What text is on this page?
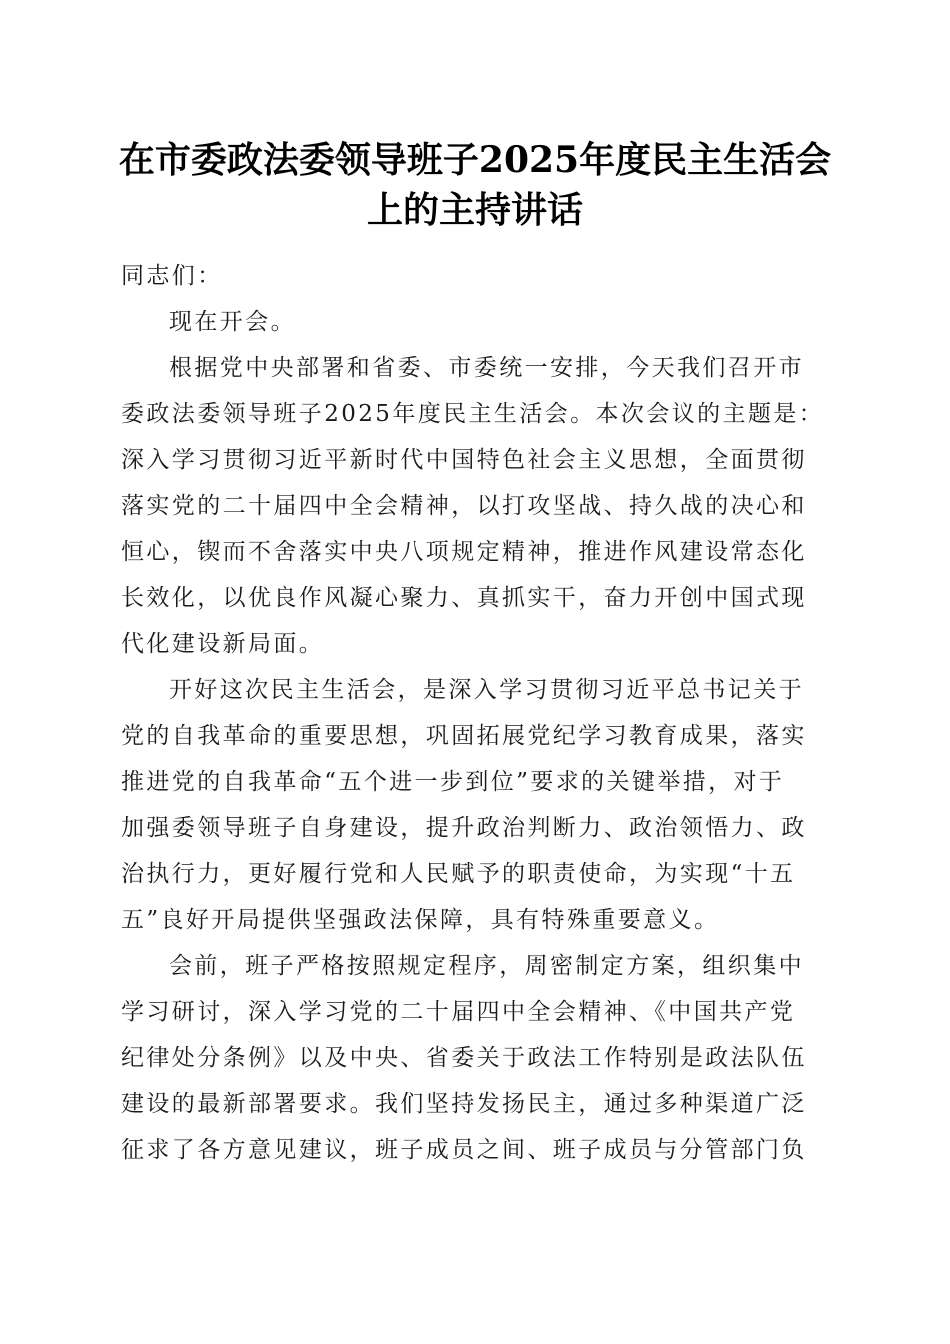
在市委政法委领导班子2025年度民主生活会
上的主持讲话
同志们：
现在开会。
根据党中央部署和省委、市委统一安排，今天我们召开市
委政法委领导班子2025年度民主生活会。本次会议的主题是：
深入学习贯彻习近平新时代中国特色社会主义思想，全面贯彻
落实党的二十届四中全会精神，以打攻坚战、持久战的决心和
恒心，锲而不舍落实中央八项规定精神，推进作风建设常态化
长效化，以优良作风凝心聚力、真抓实干，奋力开创中国式现
代化建设新局面。
开好这次民主生活会，是深入学习贯彻习近平总书记关于
党的自我革命的重要思想，巩固拓展党纪学习教育成果，落实
推进党的自我革命“五个进一步到位”要求的关键举措，对于
加强委领导班子自身建设，提升政治判断力、政治领悟力、政
治执行力，更好履行党和人民赋予的职责使命，为实现“十五
五”良好开局提供坚强政法保障，具有特殊重要意义。
会前，班子严格按照规定程序，周密制定方案，组织集中
学习研讨，深入学习党的二十届四中全会精神、《中国共产党
纪律处分条例》以及中央、省委关于政法工作特别是政法队伍
建设的最新部署要求。我们坚持发扬民主，通过多种渠道广泛
征求了各方意见建议，班子成员之间、班子成员与分管部门负
